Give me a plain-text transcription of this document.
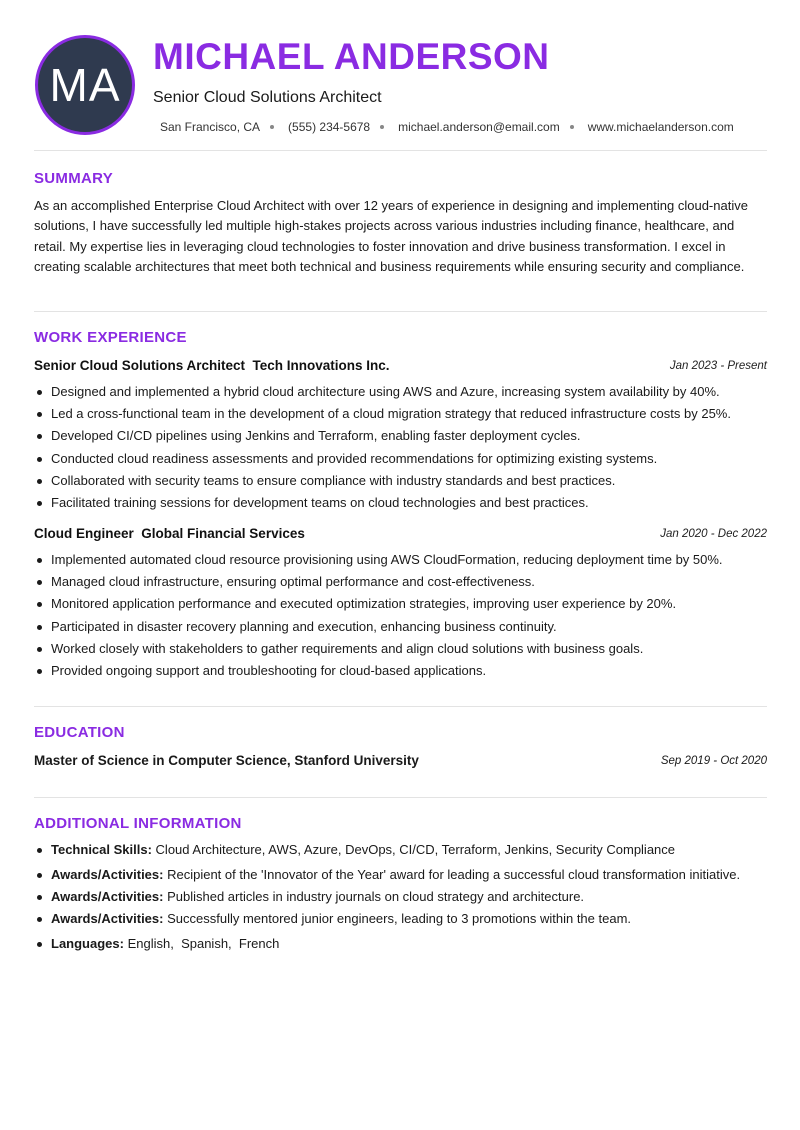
MA
MICHAEL ANDERSON
Senior Cloud Solutions Architect
San Francisco, CA (555) 234-5678 michael.anderson@email.com www.michaelanderson.com
SUMMARY

As an accomplished Enterprise Cloud Architect with over 12 years of experience in designing and implementing cloud-native solutions, I have successfully led multiple high-stakes projects across various industries including finance, healthcare, and retail. My expertise lies in leveraging cloud technologies to foster innovation and drive business transformation. I excel in creating scalable architectures that meet both technical and business requirements while ensuring security and compliance.

WORK EXPERIENCE
Senior Cloud Solutions Architect Tech Innovations Inc.	Jan 2023 - Present
Designed and implemented a hybrid cloud architecture using AWS and Azure, increasing system availability by 40%.
Led a cross-functional team in the development of a cloud migration strategy that reduced infrastructure costs by 25%.
Developed CI/CD pipelines using Jenkins and Terraform, enabling faster deployment cycles.
Conducted cloud readiness assessments and provided recommendations for optimizing existing systems.
Collaborated with security teams to ensure compliance with industry standards and best practices.
Facilitated training sessions for development teams on cloud technologies and best practices.
Cloud Engineer Global Financial Services	Jan 2020 - Dec 2022
Implemented automated cloud resource provisioning using AWS CloudFormation, reducing deployment time by 50%.
Managed cloud infrastructure, ensuring optimal performance and cost-effectiveness.
Monitored application performance and executed optimization strategies, improving user experience by 20%.
Participated in disaster recovery planning and execution, enhancing business continuity.
Worked closely with stakeholders to gather requirements and align cloud solutions with business goals.
Provided ongoing support and troubleshooting for cloud-based applications.
EDUCATION
Master of Science in Computer Science, Stanford University	Sep 2019 - Oct 2020
ADDITIONAL INFORMATION
Technical Skills: Cloud Architecture, AWS, Azure, DevOps, CI/CD, Terraform, Jenkins, Security Compliance
Awards/Activities: Recipient of the 'Innovator of the Year' award for leading a successful cloud transformation initiative.
Awards/Activities: Published articles in industry journals on cloud strategy and architecture.
Awards/Activities: Successfully mentored junior engineers, leading to 3 promotions within the team.
Languages: English,  Spanish,  French
